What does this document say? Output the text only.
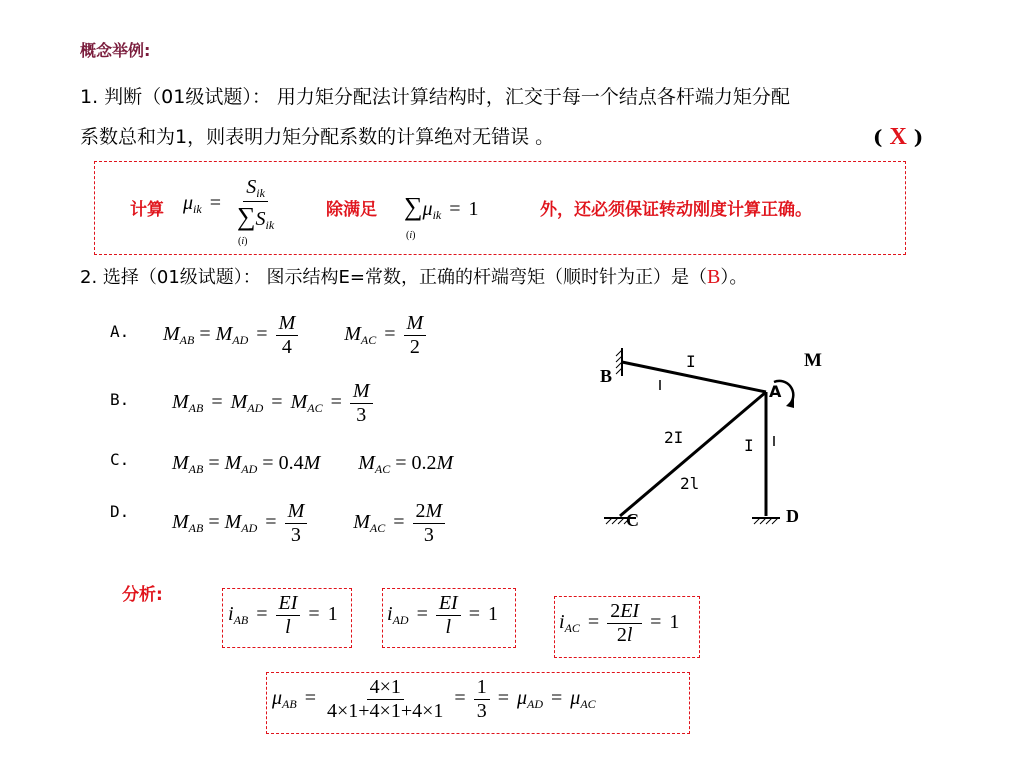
概念举例:
1. 判断（01级试题）： 用力矩分配法计算结构时，汇交于每一个结点各杆端力矩分配
系数总和为1，则表明力矩分配系数的计算绝对无错误 。	( X )
计算 $\mu_{ik} = S_{ik}$
$\sum S_{ik}$
(i)	除满足 ∑
(i)
$\mu_{ik} = 1$	外，还必须保证转动刚度计算正确。
2. 选择（01级试题）： 图示结构E=常数，正确的杆端弯矩（顺时针为正）是（B）。
A. $M_{AB} = M_{AD} = \frac{M}{4} M_{AC} = \frac{M}{2}$
B. $M_{AB} = M_{AD} = M_{AC} = \frac{M}{3}$
C. $M_{AB} = M_{AD} = 0.4M$ $M_{AC} = 0.2M$
D. $M_{AB} = M_{AD} = \frac{M}{3} M_{AC} = \frac{2M}{3}$
B
A
C	D
M
I
2I
2l
I
分析:
$i_{AB} = \frac{EI}{l} = 1$ $i_{AD} = \frac{EI}{l} = 1$	$i_{AC} = \frac{2EI}{2l} = 1$
$\mu_{AB} = \frac{4\times 1}{4\times 1+4\times 1+4\times 1} = \frac{1}{3} = \mu_{AD} = \mu_{AC}$
